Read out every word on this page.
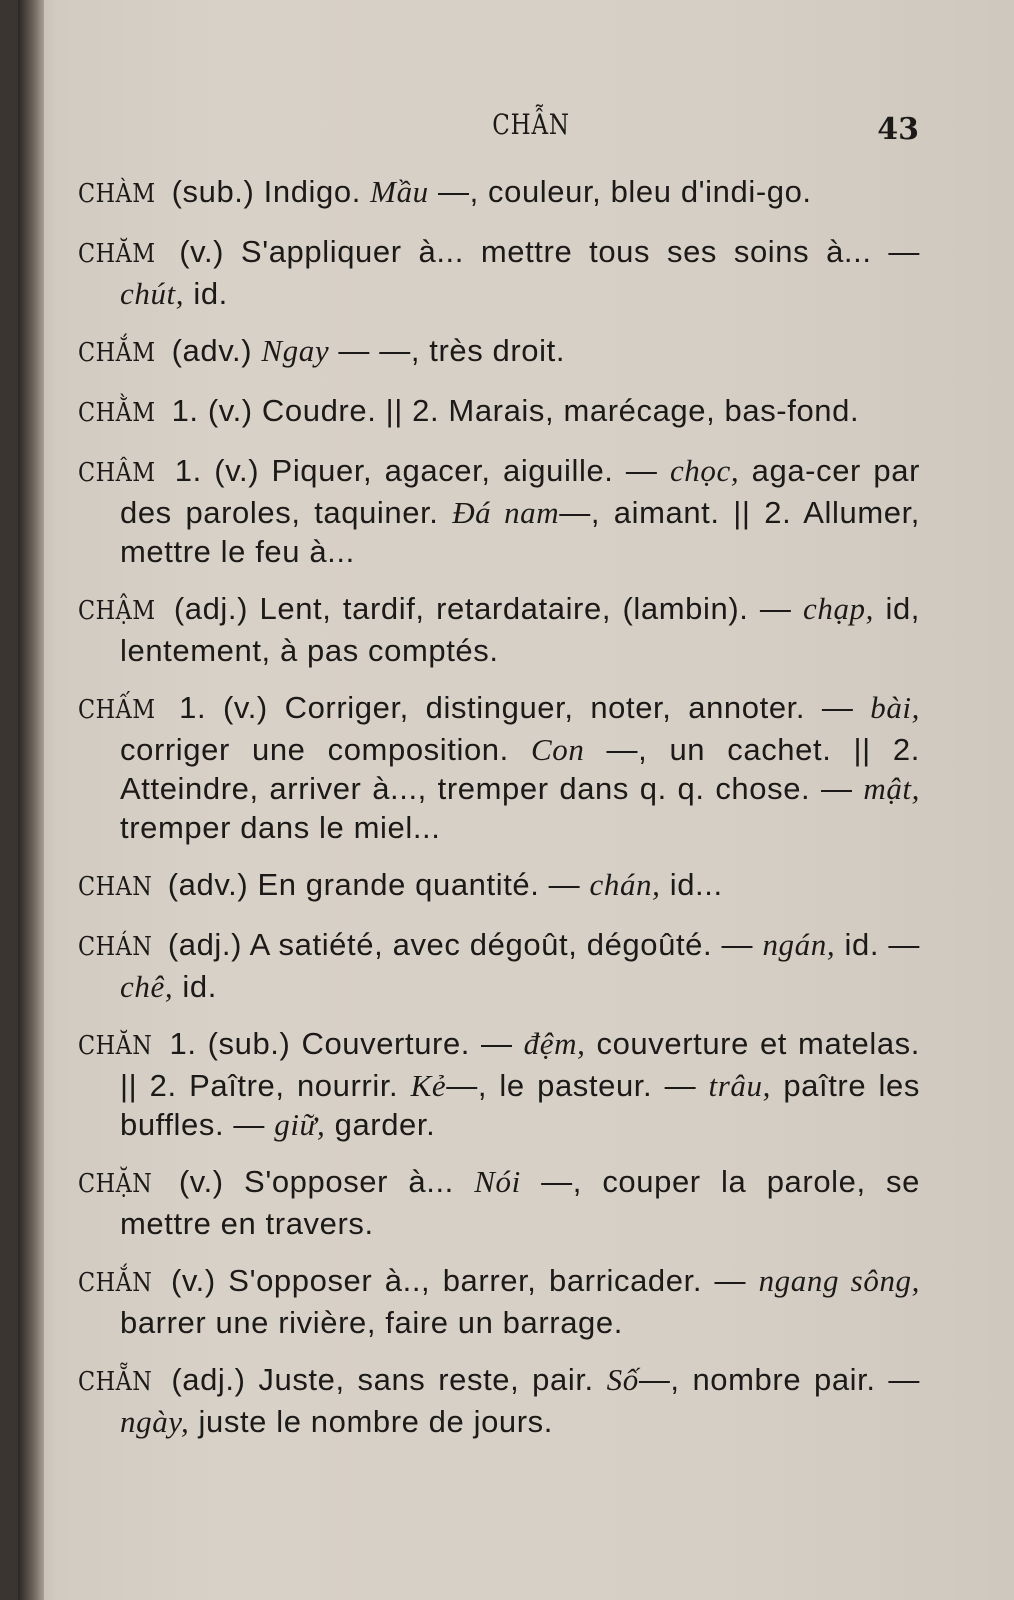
CHẪN	43

CHÀM (sub.) Indigo. Mầu —, couleur, bleu d'indi-go.

CHĂM (v.) S'appliquer à... mettre tous ses soins à... — chút, id.

CHẮM (adv.) Ngay — —, très droit.

CHẰM 1. (v.) Coudre. || 2. Marais, marécage, bas-fond.

CHÂM 1. (v.) Piquer, agacer, aiguille. — chọc, aga-cer par des paroles, taquiner. Đá nam—, aimant. || 2. Allumer, mettre le feu à...

CHẬM (adj.) Lent, tardif, retardataire, (lambin). — chạp, id, lentement, à pas comptés.

CHẤM 1. (v.) Corriger, distinguer, noter, annoter. — bài, corriger une composition. Con —, un cachet. || 2. Atteindre, arriver à..., tremper dans q. q. chose. — mật, tremper dans le miel...

CHAN (adv.) En grande quantité. — chán, id...

CHÁN (adj.) A satiété, avec dégoût, dégoûté. — ngán, id. — chê, id.

CHĂN 1. (sub.) Couverture. — đệm, couverture et matelas. || 2. Paître, nourrir. Kẻ—, le pasteur. — trâu, paître les buffles. — giữ, garder.

CHẶN (v.) S'opposer à... Nói —, couper la parole, se mettre en travers.

CHẮN (v.) S'opposer à.., barrer, barricader. — ngang sông, barrer une rivière, faire un barrage.

CHẴN (adj.) Juste, sans reste, pair. Số—, nombre pair. — ngày, juste le nombre de jours.
